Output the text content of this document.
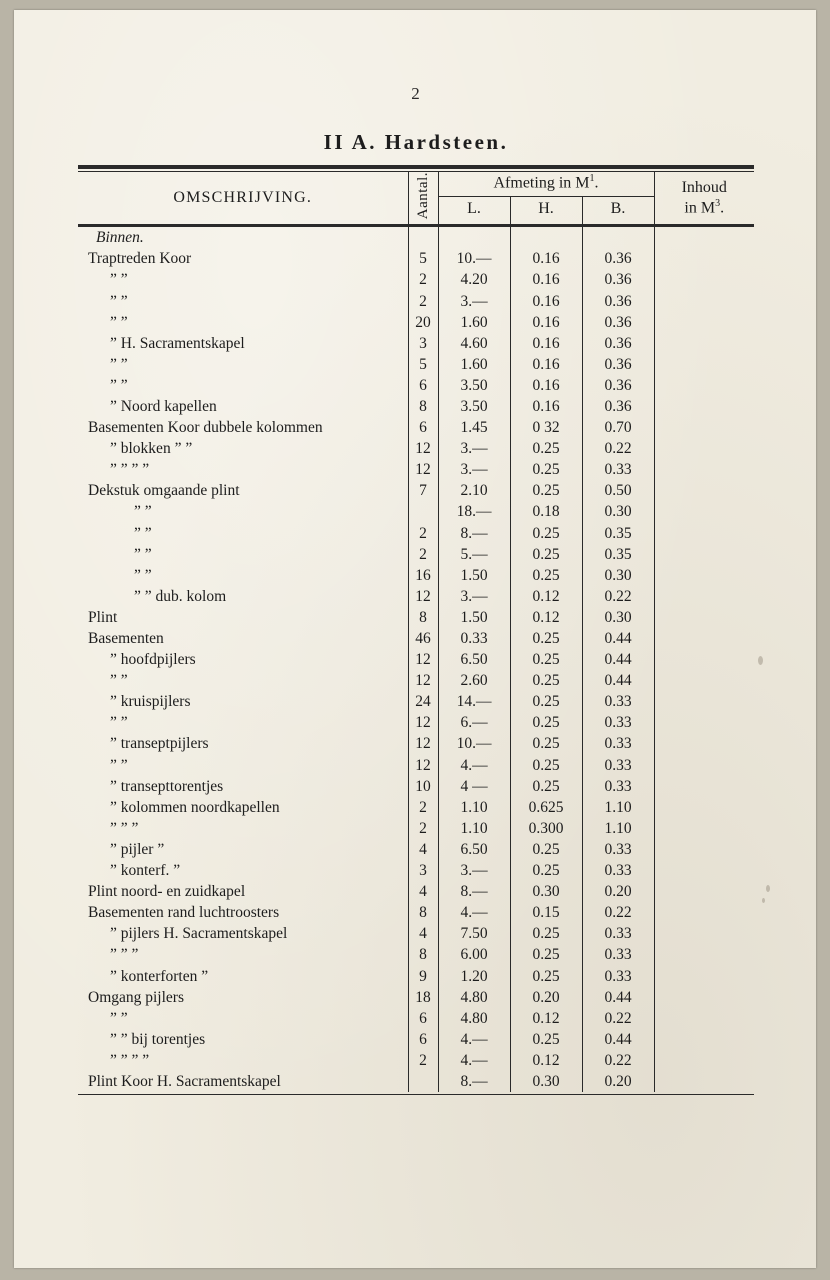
2
II A. Hardsteen.
OMSCHRIJVING.	Aantal.	Afmeting in $M^1$.			Inhoud
in $M^3$.

		L.	H.	B.	
Binnen.					
Traptreden Koor	5	10.—	0.16	0.36	
” ”	2	4.20	0.16	0.36	
” ”	2	3.—	0.16	0.36	
” ”	20	1.60	0.16	0.36	
” H. Sacramentskapel	3	4.60	0.16	0.36	
” ”	5	1.60	0.16	0.36	
” ”	6	3.50	0.16	0.36	
” Noord kapellen	8	3.50	0.16	0.36	
Basementen Koor dubbele kolommen	6	1.45	0 32	0.70	
” blokken ” ”	12	3.—	0.25	0.22	
” ” ” ”	12	3.—	0.25	0.33	
Dekstuk omgaande plint	7	2.10	0.25	0.50	
” ”		18.—	0.18	0.30	
” ”	2	8.—	0.25	0.35	
” ”	2	5.—	0.25	0.35	
” ”	16	1.50	0.25	0.30	
” ” dub. kolom	12	3.—	0.12	0.22	
Plint	8	1.50	0.12	0.30	
Basementen	46	0.33	0.25	0.44	
” hoofdpijlers	12	6.50	0.25	0.44	
” ”	12	2.60	0.25	0.44	
” kruispijlers	24	14.—	0.25	0.33	
” ”	12	6.—	0.25	0.33	
” transeptpijlers	12	10.—	0.25	0.33	
” ”	12	4.—	0.25	0.33	
” transepttorentjes	10	4 —	0.25	0.33	
” kolommen noordkapellen	2	1.10	0.625	1.10	
” ” ”	2	1.10	0.300	1.10	
” pijler ”	4	6.50	0.25	0.33	
” konterf. ”	3	3.—	0.25	0.33	
Plint noord- en zuidkapel	4	8.—	0.30	0.20	
Basementen rand luchtroosters	8	4.—	0.15	0.22	
” pijlers H. Sacramentskapel	4	7.50	0.25	0.33	
” ” ”	8	6.00	0.25	0.33	
” konterforten ”	9	1.20	0.25	0.33	
Omgang pijlers	18	4.80	0.20	0.44	
” ”	6	4.80	0.12	0.22	
” ” bij torentjes	6	4.—	0.25	0.44	
” ” ” ”	2	4.—	0.12	0.22	
Plint Koor H. Sacramentskapel		8.—	0.30	0.20	
